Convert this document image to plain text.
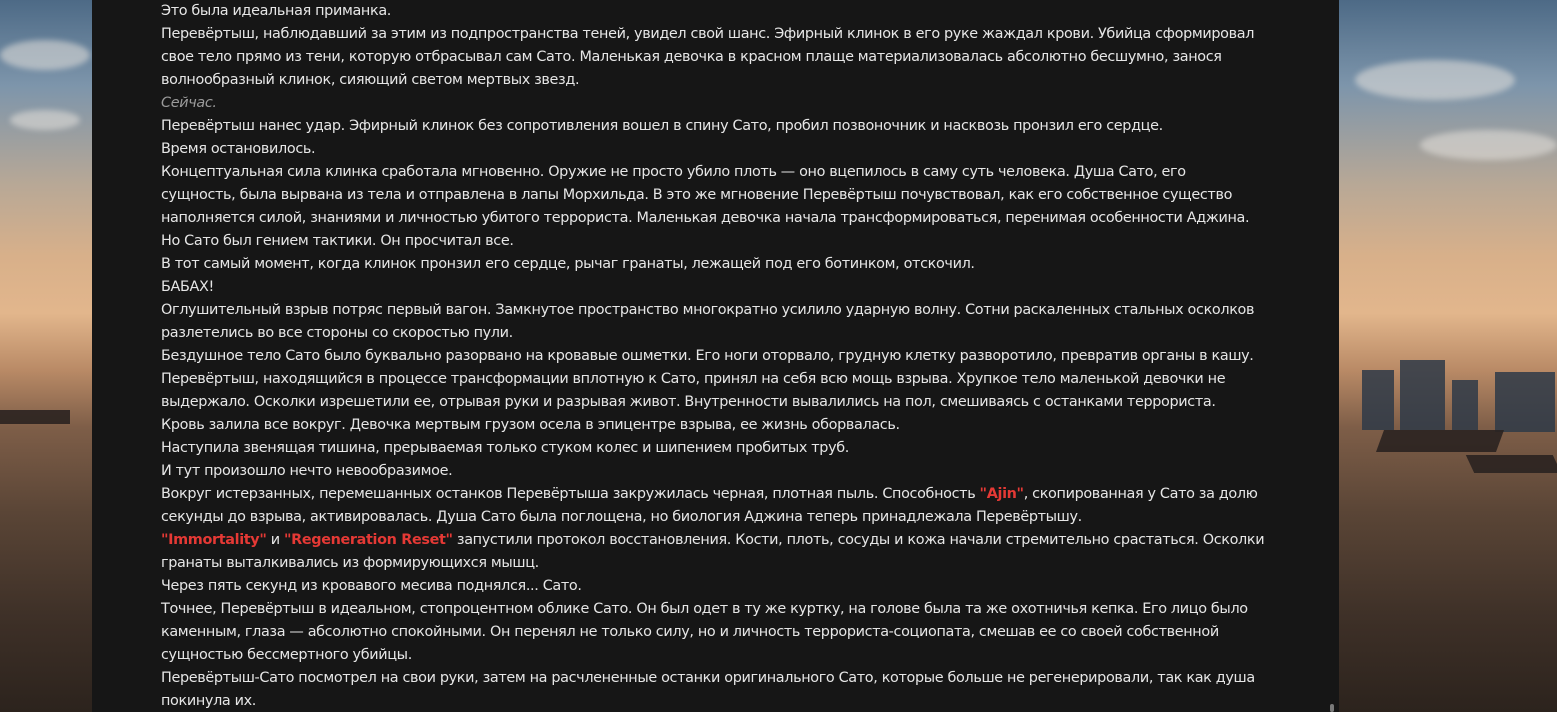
Это была идеальная приманка.

Перевёртыш, наблюдавший за этим из подпространства теней, увидел свой шанс. Эфирный клинок в его руке жаждал крови. Убийца сформировал

свое тело прямо из тени, которую отбрасывал сам Сато. Маленькая девочка в красном плаще материализовалась абсолютно бесшумно, занося

волнообразный клинок, сияющий светом мертвых звезд.

Сейчас.

Перевёртыш нанес удар. Эфирный клинок без сопротивления вошел в спину Сато, пробил позвоночник и насквозь пронзил его сердце.

Время остановилось.

Концептуальная сила клинка сработала мгновенно. Оружие не просто убило плоть — оно вцепилось в саму суть человека. Душа Сато, его

сущность, была вырвана из тела и отправлена в лапы Морхильда. В это же мгновение Перевёртыш почувствовал, как его собственное существо

наполняется силой, знаниями и личностью убитого террориста. Маленькая девочка начала трансформироваться, перенимая особенности Аджина.

Но Сато был гением тактики. Он просчитал все.

В тот самый момент, когда клинок пронзил его сердце, рычаг гранаты, лежащей под его ботинком, отскочил.

БАБАХ!

Оглушительный взрыв потряс первый вагон. Замкнутое пространство многократно усилило ударную волну. Сотни раскаленных стальных осколков

разлетелись во все стороны со скоростью пули.

Бездушное тело Сато было буквально разорвано на кровавые ошметки. Его ноги оторвало, грудную клетку разворотило, превратив органы в кашу.

Перевёртыш, находящийся в процессе трансформации вплотную к Сато, принял на себя всю мощь взрыва. Хрупкое тело маленькой девочки не

выдержало. Осколки изрешетили ее, отрывая руки и разрывая живот. Внутренности вывалились на пол, смешиваясь с останками террориста.

Кровь залила все вокруг. Девочка мертвым грузом осела в эпицентре взрыва, ее жизнь оборвалась.

Наступила звенящая тишина, прерываемая только стуком колес и шипением пробитых труб.

И тут произошло нечто невообразимое.

Вокруг истерзанных, перемешанных останков Перевёртыша закружилась черная, плотная пыль. Способность "Ajin", скопированная у Сато за долю

секунды до взрыва, активировалась. Душа Сато была поглощена, но биология Аджина теперь принадлежала Перевёртышу.

"Immortality" и "Regeneration Reset" запустили протокол восстановления. Кости, плоть, сосуды и кожа начали стремительно срастаться. Осколки

гранаты выталкивались из формирующихся мышц.

Через пять секунд из кровавого месива поднялся... Сато.

Точнее, Перевёртыш в идеальном, стопроцентном облике Сато. Он был одет в ту же куртку, на голове была та же охотничья кепка. Его лицо было

каменным, глаза — абсолютно спокойными. Он перенял не только силу, но и личность террориста-социопата, смешав ее со своей собственной

сущностью бессмертного убийцы.

Перевёртыш-Сато посмотрел на свои руки, затем на расчлененные останки оригинального Сато, которые больше не регенерировали, так как душа

покинула их.
